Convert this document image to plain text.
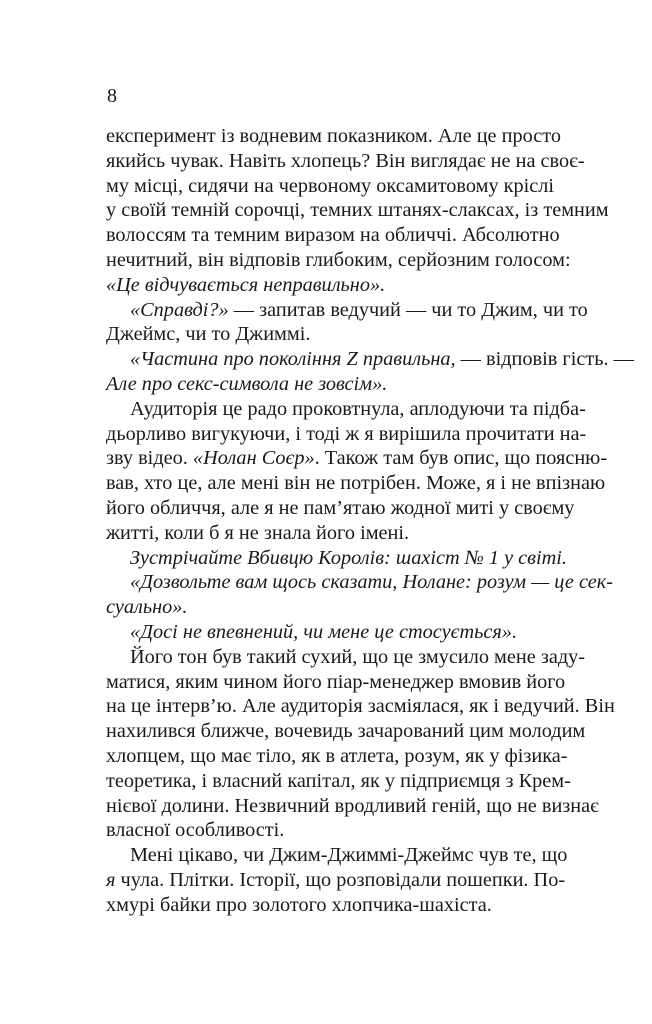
8
експеримент із водневим показником. Але це просто
якийсь чувак. Навіть хлопець? Він виглядає не на своє-
му місці, сидячи на червоному оксамитовому кріслі
у своїй темній сорочці, темних штанях-слаксах, із темним
волоссям та темним виразом на обличчі. Абсолютно
нечитний, він відповів глибоким, серйозним голосом:
«Це відчувається неправильно».
«Справді?» — запитав ведучий — чи то Джим, чи то
Джеймс, чи то Джиммі.
«Частина про покоління Z правильна, — відповів гість. —
Але про секс-символа не зовсім».
Аудиторія це радо проковтнула, аплодуючи та підба-
дьорливо вигукуючи, і тоді ж я вирішила прочитати на-
зву відео. «Нолан Соєр». Також там був опис, що поясню-
вав, хто це, але мені він не потрібен. Може, я і не впізнаю
його обличчя, але я не пам’ятаю жодної миті у своєму
житті, коли б я не знала його імені.
Зустрічайте Вбивцю Королів: шахіст № 1 у світі.
«Дозвольте вам щось сказати, Нолане: розум — це сек-
суально».
«Досі не впевнений, чи мене це стосується».
Його тон був такий сухий, що це змусило мене заду-
матися, яким чином його піар-менеджер вмовив його
на це інтерв’ю. Але аудиторія засміялася, як і ведучий. Він
нахилився ближче, вочевидь зачарований цим молодим
хлопцем, що має тіло, як в атлета, розум, як у фізика-
теоретика, і власний капітал, як у підприємця з Крем-
нієвої долини. Незвичний вродливий геній, що не визнає
власної особливості.
Мені цікаво, чи Джим-Джиммі-Джеймс чув те, що
я чула. Плітки. Історії, що розповідали пошепки. По-
хмурі байки про золотого хлопчика-шахіста.
